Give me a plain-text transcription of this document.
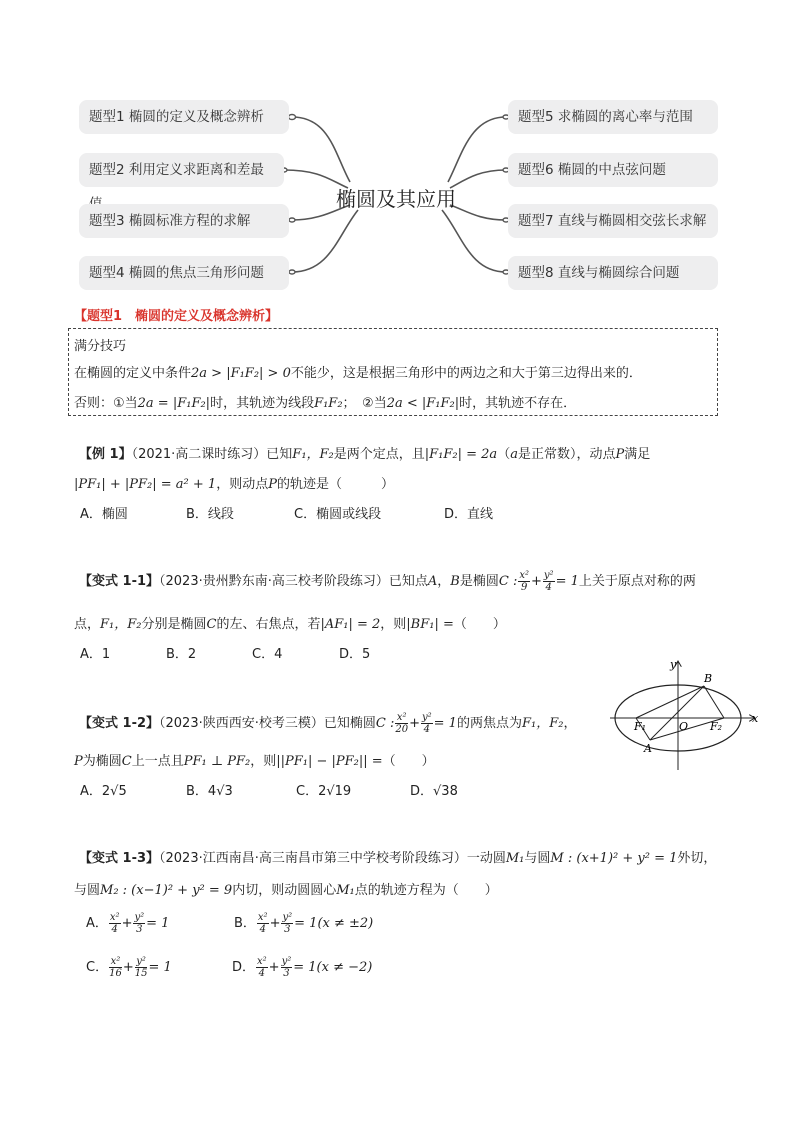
题型1 椭圆的定义及概念辨析
题型2 利用定义求距离和差最
题型3 椭圆标准方程的求解
题型4 椭圆的焦点三角形问题
题型5 求椭圆的离心率与范围
题型6 椭圆的中点弦问题
题型7 直线与椭圆相交弦长求解
题型8 直线与椭圆综合问题
椭圆及其应用
【题型1　椭圆的定义及概念辨析】
满分技巧
在椭圆的定义中条件2a > |F₁F₂| > 0不能少，这是根据三角形中的两边之和大于第三边得出来的．
否则：①当2a = |F₁F₂|时，其轨迹为线段F₁F₂；　②当2a < |F₁F₂|时，其轨迹不存在．
【例 1】（2021·高二课时练习）已知F₁，F₂是两个定点，且|F₁F₂| = 2a（a是正常数），动点P满足
|PF₁| + |PF₂| = a² + 1，则动点P的轨迹是（　　　）
A．椭圆	B．线段	C．椭圆或线段	D．直线
【变式 1-1】（2023·贵州黔东南·高三校考阶段练习）已知点A，B是椭圆C : $\frac{\text{x²}}{9} + \frac{\text{y²}}{4} = 1$上关于原点对称的两
点，F₁，F₂分别是椭圆C的左、右焦点，若|AF₁| = 2，则|BF₁| =（　　）
A．1	B．2	C．4	D．5
【变式 1-2】（2023·陕西西安·校考三模）已知椭圆C : $\frac{\text{x²}}{20} + \frac{\text{y²}}{4} = 1$的两焦点为F₁，F₂，
P为椭圆C上一点且PF₁ ⊥ PF₂，则||PF₁| − |PF₂|| =（　　）
A．2√5	B．4√3	C．2√19	D．√38
y
x
B
A
O
F₁	F₂
【变式 1-3】（2023·江西南昌·高三南昌市第三中学校考阶段练习）一动圆M₁与圆M : (x+1)² + y² = 1外切，
与圆M₂ : (x−1)² + y² = 9内切，则动圆圆心M₁点的轨迹方程为（　　）
A． $\frac{\text{x²}}{4} + \frac{\text{y²}}{3} = 1$	B． $\frac{\text{x²}}{4} + \frac{\text{y²}}{3} = 1(x \ne \pm 2)$
C． $\frac{\text{x²}}{16} + \frac{\text{y²}}{15} = 1$	D． $\frac{\text{x²}}{4} + \frac{\text{y²}}{3} = 1(x \ne -2)$
